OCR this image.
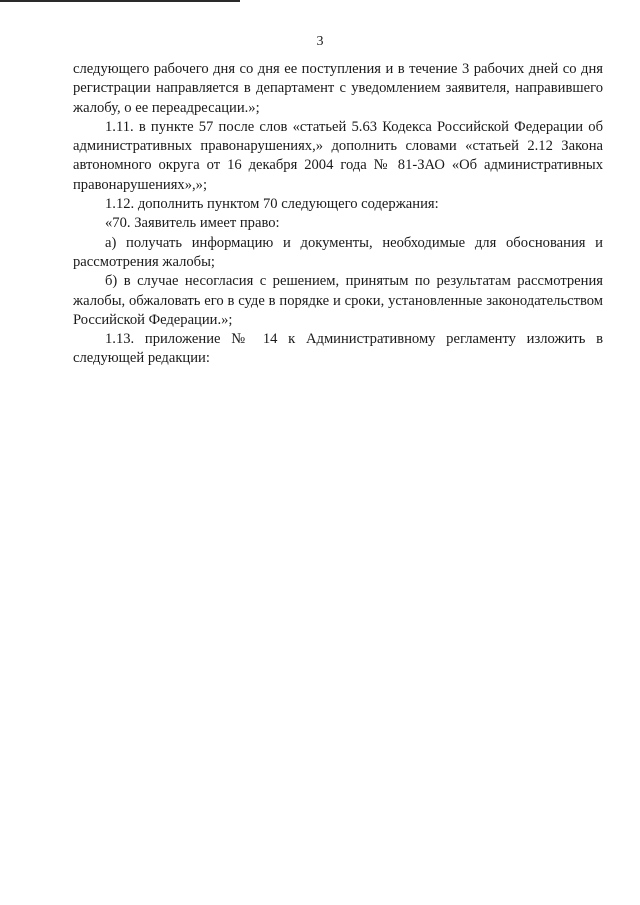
3

следующего рабочего дня со дня ее поступления и в течение 3 рабочих дней со дня регистрации направляется в департамент с уведомлением заявителя, направившего жалобу, о ее переадресации.»;

1.11. в пункте 57 после слов «статьей 5.63 Кодекса Российской Федерации об административных правонарушениях,» дополнить словами «статьей 2.12 Закона автономного округа от 16 декабря 2004 года № 81-ЗАО «Об административных правонарушениях»,»;

1.12. дополнить пунктом 70 следующего содержания:

«70. Заявитель имеет право:

а) получать информацию и документы, необходимые для обоснования и рассмотрения жалобы;

б) в случае несогласия с решением, принятым по результатам рассмотрения жалобы, обжаловать его в суде в порядке и сроки, установленные законодательством Российской Федерации.»;

1.13. приложение № 14 к Административному регламенту изложить в следующей редакции:
